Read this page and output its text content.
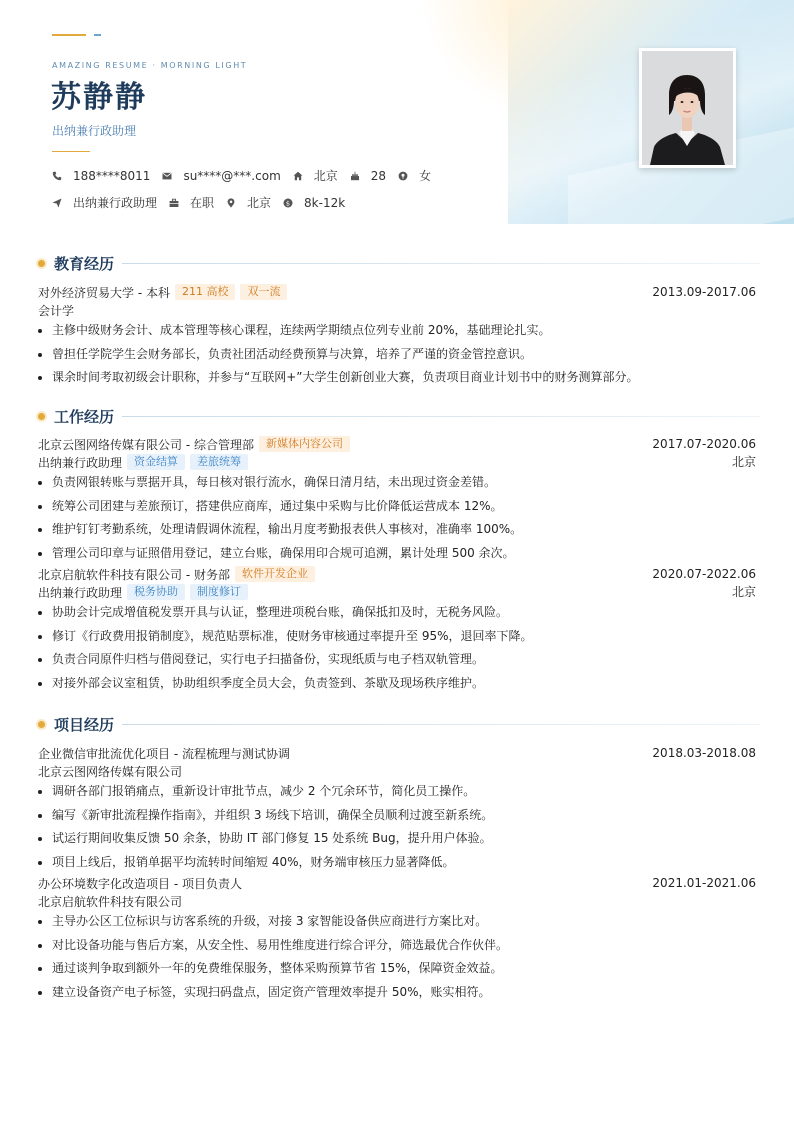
AMAZING RESUME · MORNING LIGHT
苏静静
出纳兼行政助理
188****8011	su****@***.com	北京	28	女
出纳兼行政助理	在职	北京 $ 8k-12k
教育经历
对外经济贸易大学 - 本科	211 高校	双一流	2013.09-2017.06
会计学
主修中级财务会计、成本管理等核心课程，连续两学期绩点位列专业前 20%，基础理论扎实。
曾担任学院学生会财务部长，负责社团活动经费预算与决算，培养了严谨的资金管控意识。
课余时间考取初级会计职称，并参与“互联网+”大学生创新创业大赛，负责项目商业计划书中的财务测算部分。
工作经历
北京云图网络传媒有限公司 - 综合管理部	新媒体内容公司	2017.07-2020.06
出纳兼行政助理	资金结算	差旅统筹	北京
负责网银转账与票据开具，每日核对银行流水，确保日清月结，未出现过资金差错。
统筹公司团建与差旅预订，搭建供应商库，通过集中采购与比价降低运营成本 12%。
维护钉钉考勤系统，处理请假调休流程，输出月度考勤报表供人事核对，准确率 100%。
管理公司印章与证照借用登记，建立台账，确保用印合规可追溯，累计处理 500 余次。
北京启航软件科技有限公司 - 财务部	软件开发企业	2020.07-2022.06
出纳兼行政助理	税务协助	制度修订	北京
协助会计完成增值税发票开具与认证，整理进项税台账，确保抵扣及时，无税务风险。
修订《行政费用报销制度》，规范贴票标准，使财务审核通过率提升至 95%，退回率下降。
负责合同原件归档与借阅登记，实行电子扫描备份，实现纸质与电子档双轨管理。
对接外部会议室租赁，协助组织季度全员大会，负责签到、茶歇及现场秩序维护。
项目经历
企业微信审批流优化项目 - 流程梳理与测试协调	2018.03-2018.08
北京云图网络传媒有限公司
调研各部门报销痛点，重新设计审批节点，减少 2 个冗余环节，简化员工操作。
编写《新审批流程操作指南》，并组织 3 场线下培训，确保全员顺利过渡至新系统。
试运行期间收集反馈 50 余条，协助 IT 部门修复 15 处系统 Bug，提升用户体验。
项目上线后，报销单据平均流转时间缩短 40%，财务端审核压力显著降低。
办公环境数字化改造项目 - 项目负责人	2021.01-2021.06
北京启航软件科技有限公司
主导办公区工位标识与访客系统的升级，对接 3 家智能设备供应商进行方案比对。
对比设备功能与售后方案，从安全性、易用性维度进行综合评分，筛选最优合作伙伴。
通过谈判争取到额外一年的免费维保服务，整体采购预算节省 15%，保障资金效益。
建立设备资产电子标签，实现扫码盘点，固定资产管理效率提升 50%，账实相符。
